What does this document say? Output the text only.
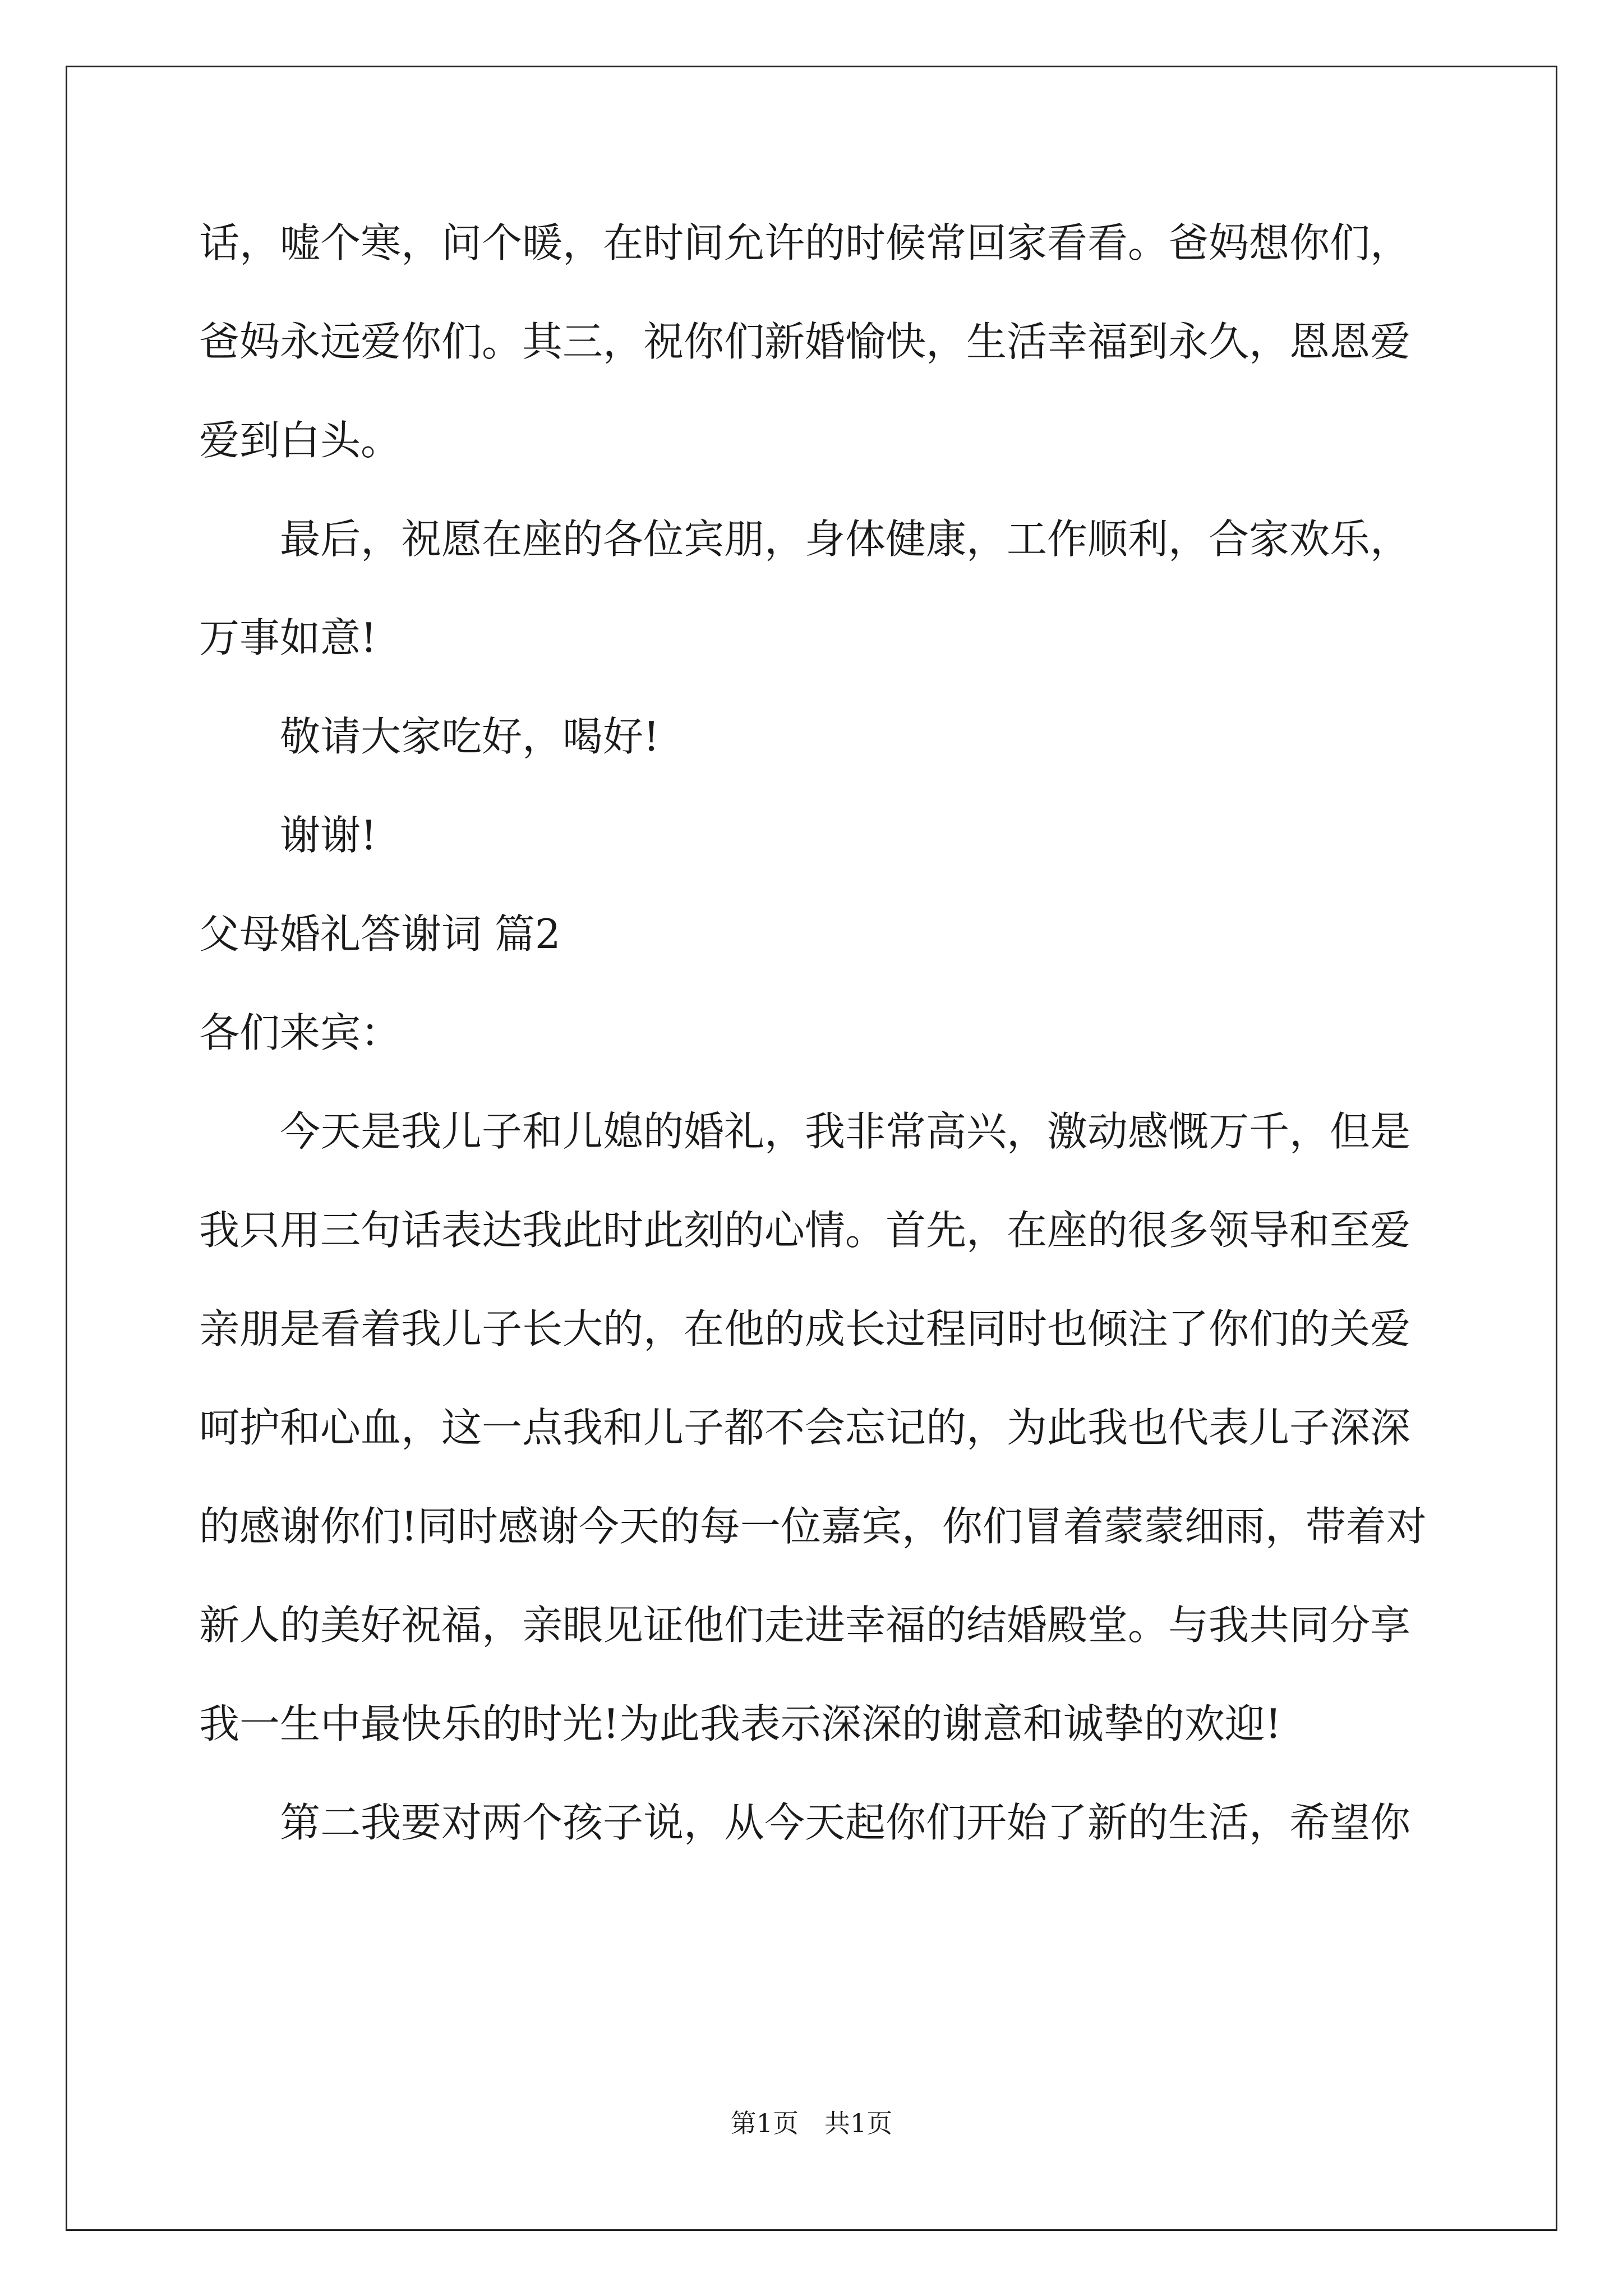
话，嘘个寒，问个暖，在时间允许的时候常回家看看。爸妈想你们，爸妈永远爱你们。其三，祝你们新婚愉快，生活幸福到永久，恩恩爱爱到白头。

最后，祝愿在座的各位宾朋，身体健康，工作顺利，合家欢乐，万事如意!

敬请大家吃好，喝好!

谢谢!

父母婚礼答谢词 篇2

各们来宾：

今天是我儿子和儿媳的婚礼，我非常高兴，激动感慨万千，但是我只用三句话表达我此时此刻的心情。首先，在座的很多领导和至爱亲朋是看着我儿子长大的，在他的成长过程同时也倾注了你们的关爱呵护和心血，这一点我和儿子都不会忘记的，为此我也代表儿子深深的感谢你们!同时感谢今天的每一位嘉宾，你们冒着蒙蒙细雨，带着对新人的美好祝福，亲眼见证他们走进幸福的结婚殿堂。与我共同分享我一生中最快乐的时光!为此我表示深深的谢意和诚挚的欢迎!

第二我要对两个孩子说，从今天起你们开始了新的生活，希望你

第1页　共1页
